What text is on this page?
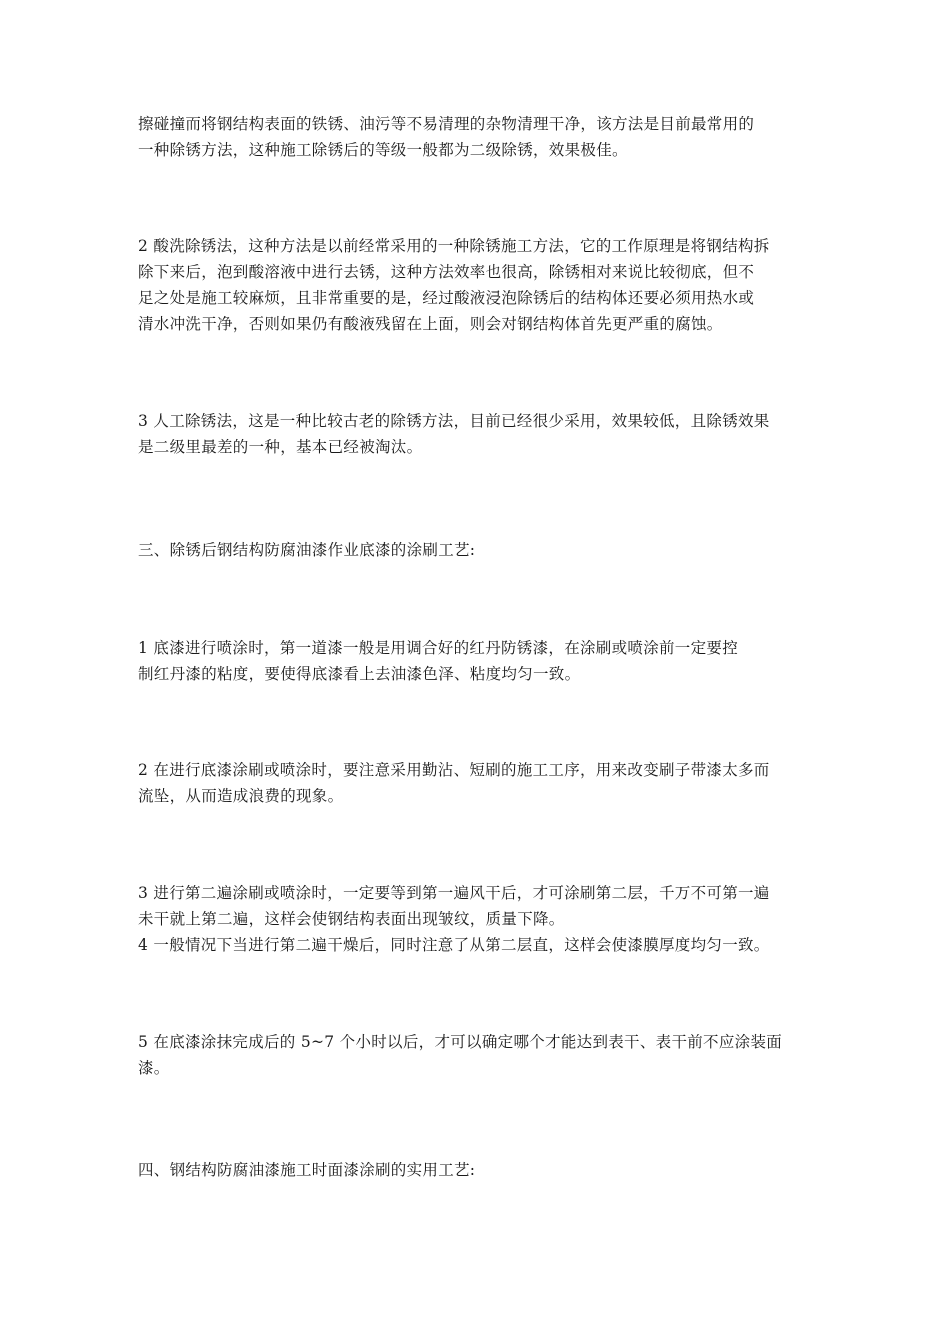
擦碰撞而将钢结构表面的铁锈、油污等不易清理的杂物清理干净，该方法是目前最常用的
一种除锈方法，这种施工除锈后的等级一般都为二级除锈，效果极佳。
2 酸洗除锈法，这种方法是以前经常采用的一种除锈施工方法，它的工作原理是将钢结构拆
除下来后，泡到酸溶液中进行去锈，这种方法效率也很高，除锈相对来说比较彻底，但不
足之处是施工较麻烦，且非常重要的是，经过酸液浸泡除锈后的结构体还要必须用热水或
清水冲洗干净，否则如果仍有酸液残留在上面，则会对钢结构体首先更严重的腐蚀。
3 人工除锈法，这是一种比较古老的除锈方法，目前已经很少采用，效果较低，且除锈效果
是二级里最差的一种，基本已经被淘汰。
三、除锈后钢结构防腐油漆作业底漆的涂刷工艺:
1 底漆进行喷涂时，第一道漆一般是用调合好的红丹防锈漆，在涂刷或喷涂前一定要控
制红丹漆的粘度，要使得底漆看上去油漆色泽、粘度均匀一致。
2 在进行底漆涂刷或喷涂时，要注意采用勤沾、短刷的施工工序，用来改变刷子带漆太多而
流坠，从而造成浪费的现象。
3 进行第二遍涂刷或喷涂时，一定要等到第一遍风干后，才可涂刷第二层，千万不可第一遍
未干就上第二遍，这样会使钢结构表面出现皱纹，质量下降。
4 一般情况下当进行第二遍干燥后，同时注意了从第二层直，这样会使漆膜厚度均匀一致。
5 在底漆涂抹完成后的 5~7 个小时以后，才可以确定哪个才能达到表干、表干前不应涂装面
漆。
四、钢结构防腐油漆施工时面漆涂刷的实用工艺:
